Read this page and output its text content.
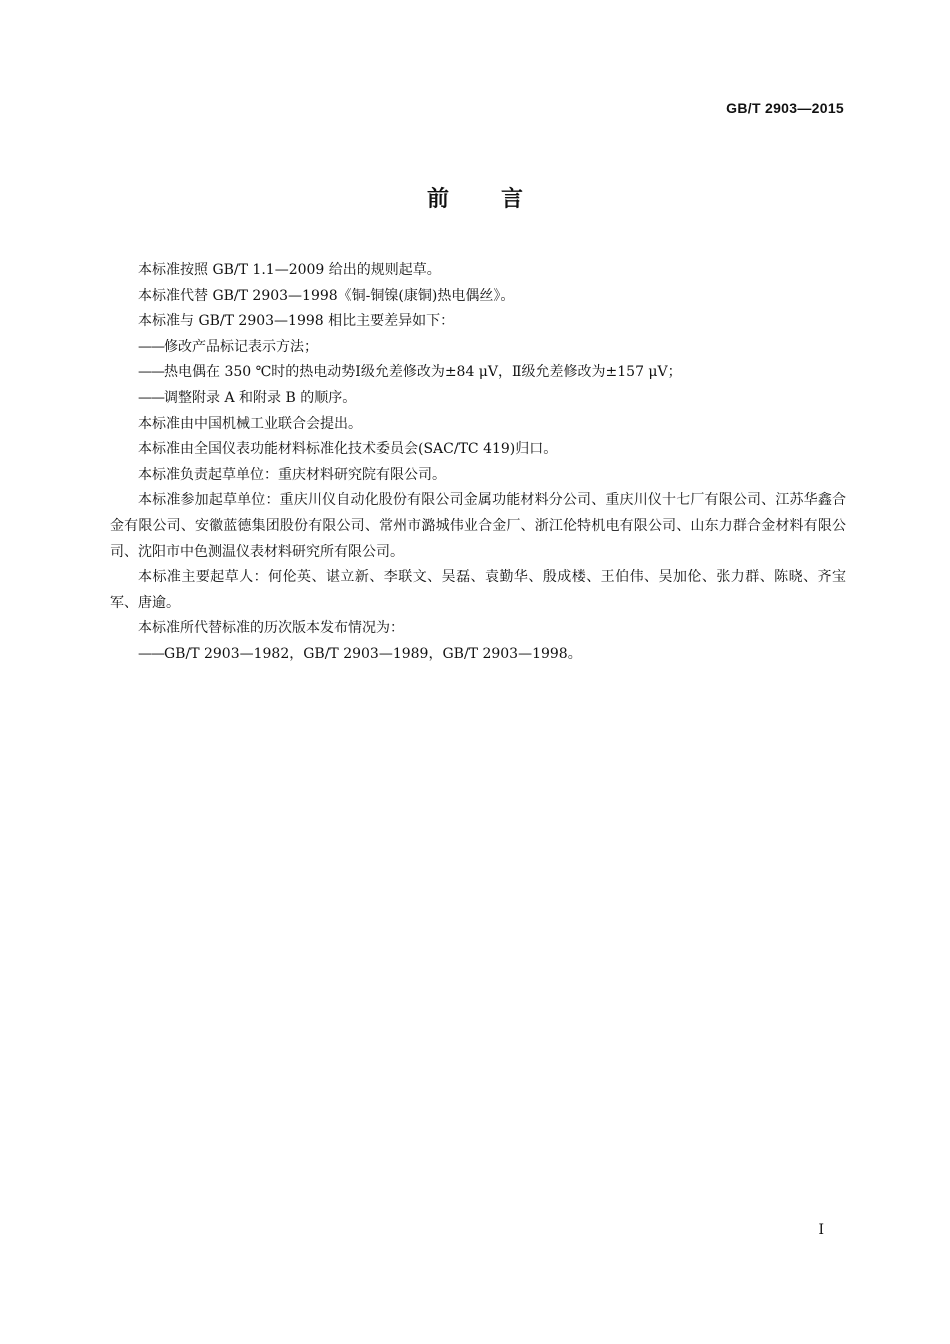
GB/T 2903—2015
前言

本标准按照 GB/T 1.1—2009 给出的规则起草。

本标准代替 GB/T 2903—1998《铜-铜镍(康铜)热电偶丝》。

本标准与 GB/T 2903—1998 相比主要差异如下：

——修改产品标记表示方法；

——热电偶在 350 ℃时的热电动势Ⅰ级允差修改为±84 μV，Ⅱ级允差修改为±157 μV；

——调整附录 A 和附录 B 的顺序。

本标准由中国机械工业联合会提出。

本标准由全国仪表功能材料标准化技术委员会(SAC/TC 419)归口。

本标准负责起草单位：重庆材料研究院有限公司。

本标准参加起草单位：重庆川仪自动化股份有限公司金属功能材料分公司、重庆川仪十七厂有限公司、江苏华鑫合金有限公司、安徽蓝德集团股份有限公司、常州市潞城伟业合金厂、浙江伦特机电有限公司、山东力群合金材料有限公司、沈阳市中色测温仪表材料研究所有限公司。

本标准主要起草人：何伦英、谌立新、李联文、吴磊、袁勤华、殷成楼、王伯伟、吴加伦、张力群、陈晓、齐宝军、唐逾。

本标准所代替标准的历次版本发布情况为：

——GB/T 2903—1982，GB/T 2903—1989，GB/T 2903—1998。

I
